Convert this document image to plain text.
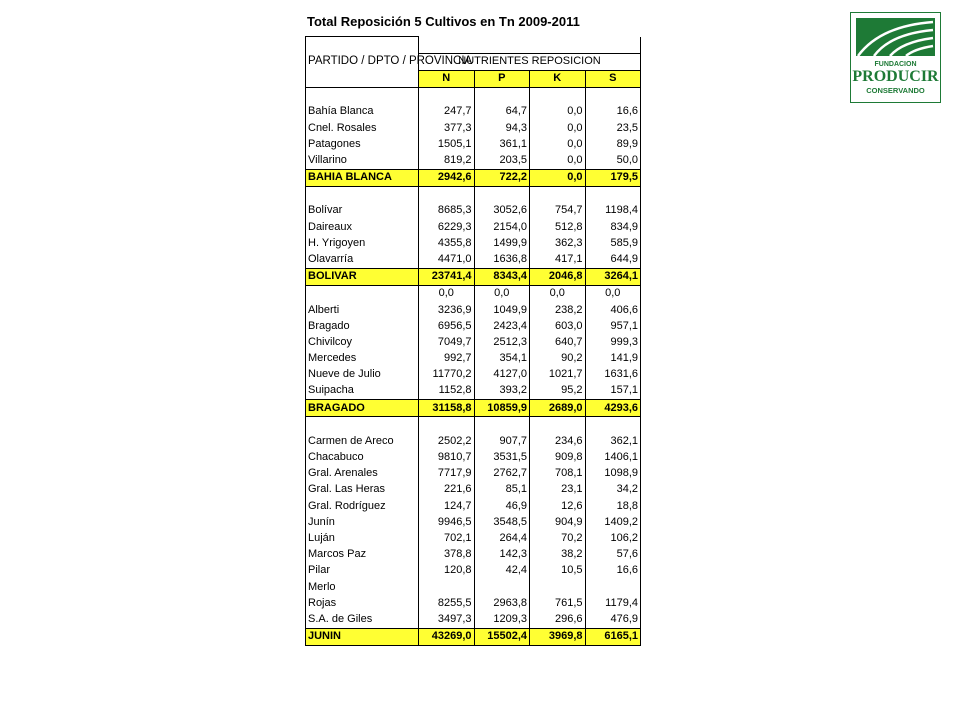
Total Reposición 5 Cultivos en Tn 2009-2011
PARTIDO / DPTO / PROVINCIA				
	NUTRIENTES REPOSICION			
	N	P	K	S

Bahía Blanca	247,7	64,7	0,0	16,6
Cnel. Rosales	377,3	94,3	0,0	23,5
Patagones	1505,1	361,1	0,0	89,9
Villarino	819,2	203,5	0,0	50,0
BAHIA BLANCA	2942,6	722,2	0,0	179,5

Bolívar	8685,3	3052,6	754,7	1198,4
Daireaux	6229,3	2154,0	512,8	834,9
H. Yrigoyen	4355,8	1499,9	362,3	585,9
Olavarría	4471,0	1636,8	417,1	644,9
BOLIVAR	23741,4	8343,4	2046,8	3264,1
	0,0	0,0	0,0	0,0
Alberti	3236,9	1049,9	238,2	406,6
Bragado	6956,5	2423,4	603,0	957,1
Chivilcoy	7049,7	2512,3	640,7	999,3
Mercedes	992,7	354,1	90,2	141,9
Nueve de Julio	11770,2	4127,0	1021,7	1631,6
Suipacha	1152,8	393,2	95,2	157,1
BRAGADO	31158,8	10859,9	2689,0	4293,6

Carmen de Areco	2502,2	907,7	234,6	362,1
Chacabuco	9810,7	3531,5	909,8	1406,1
Gral. Arenales	7717,9	2762,7	708,1	1098,9
Gral. Las Heras	221,6	85,1	23,1	34,2
Gral. Rodríguez	124,7	46,9	12,6	18,8
Junín	9946,5	3548,5	904,9	1409,2
Luján	702,1	264,4	70,2	106,2
Marcos Paz	378,8	142,3	38,2	57,6
Pilar	120,8	42,4	10,5	16,6
Merlo				
Rojas	8255,5	2963,8	761,5	1179,4
S.A. de Giles	3497,3	1209,3	296,6	476,9
JUNIN	43269,0	15502,4	3969,8	6165,1
FUNDACION
PRODUCIR
CONSERVANDO
